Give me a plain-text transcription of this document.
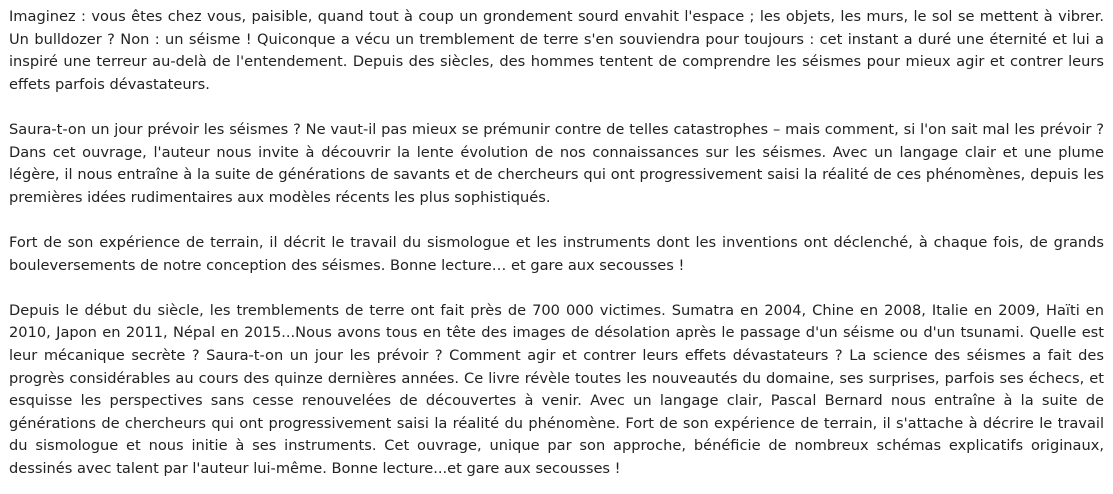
Imaginez : vous êtes chez vous, paisible, quand tout à coup un grondement sourd envahit l'espace ; les objets, les murs, le sol se mettent à vibrer. Un bulldozer ? Non : un séisme ! Quiconque a vécu un tremblement de terre s'en souviendra pour toujours : cet instant a duré une éternité et lui a inspiré une terreur au-delà de l'entendement. Depuis des siècles, des hommes tentent de comprendre les séismes pour mieux agir et contrer leurs effets parfois dévastateurs.

Saura-t-on un jour prévoir les séismes ? Ne vaut-il pas mieux se prémunir contre de telles catastrophes – mais comment, si l'on sait mal les prévoir ? Dans cet ouvrage, l'auteur nous invite à découvrir la lente évolution de nos connaissances sur les séismes. Avec un langage clair et une plume légère, il nous entraîne à la suite de générations de savants et de chercheurs qui ont progressivement saisi la réalité de ces phénomènes, depuis les premières idées rudimentaires aux modèles récents les plus sophistiqués.

Fort de son expérience de terrain, il décrit le travail du sismologue et les instruments dont les inventions ont déclenché, à chaque fois, de grands bouleversements de notre conception des séismes. Bonne lecture… et gare aux secousses !

Depuis le début du siècle, les tremblements de terre ont fait près de 700 000 victimes. Sumatra en 2004, Chine en 2008, Italie en 2009, Haïti en 2010, Japon en 2011, Népal en 2015...Nous avons tous en tête des images de désolation après le passage d'un séisme ou d'un tsunami. Quelle est leur mécanique secrète ? Saura-t-on un jour les prévoir ? Comment agir et contrer leurs effets dévastateurs ? La science des séismes a fait des progrès considérables au cours des quinze dernières années. Ce livre révèle toutes les nouveautés du domaine, ses surprises, parfois ses échecs, et esquisse les perspectives sans cesse renouvelées de découvertes à venir. Avec un langage clair, Pascal Bernard nous entraîne à la suite de générations de chercheurs qui ont progressivement saisi la réalité du phénomène. Fort de son expérience de terrain, il s'attache à décrire le travail du sismologue et nous initie à ses instruments. Cet ouvrage, unique par son approche, bénéficie de nombreux schémas explicatifs originaux, dessinés avec talent par l'auteur lui-même. Bonne lecture...et gare aux secousses !
